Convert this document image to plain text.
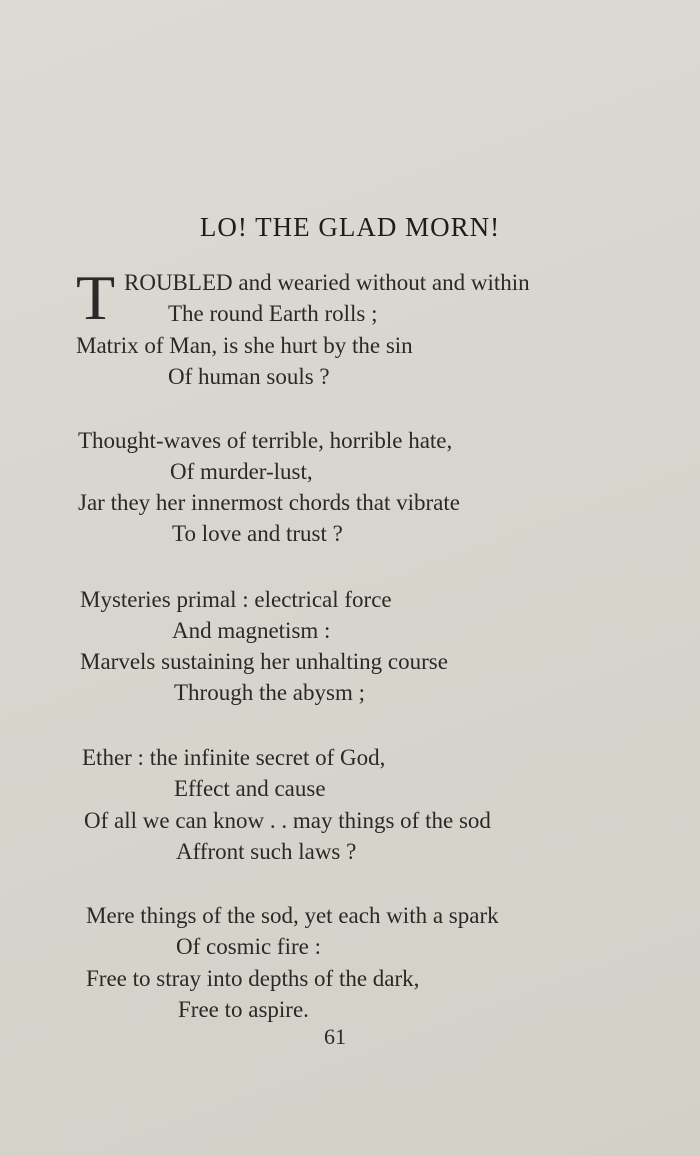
LO! THE GLAD MORN!
T ROUBLED and wearied without and within
The round Earth rolls ;
Matrix of Man, is she hurt by the sin
Of human souls ?
Thought-waves of terrible, horrible hate,
Of murder-lust,
Jar they her innermost chords that vibrate
To love and trust ?
Mysteries primal : electrical force
And magnetism :
Marvels sustaining her unhalting course
Through the abysm ;
Ether : the infinite secret of God,
Effect and cause
Of all we can know . . may things of the sod
Affront such laws ?
Mere things of the sod, yet each with a spark
Of cosmic fire :
Free to stray into depths of the dark,
Free to aspire.
61
